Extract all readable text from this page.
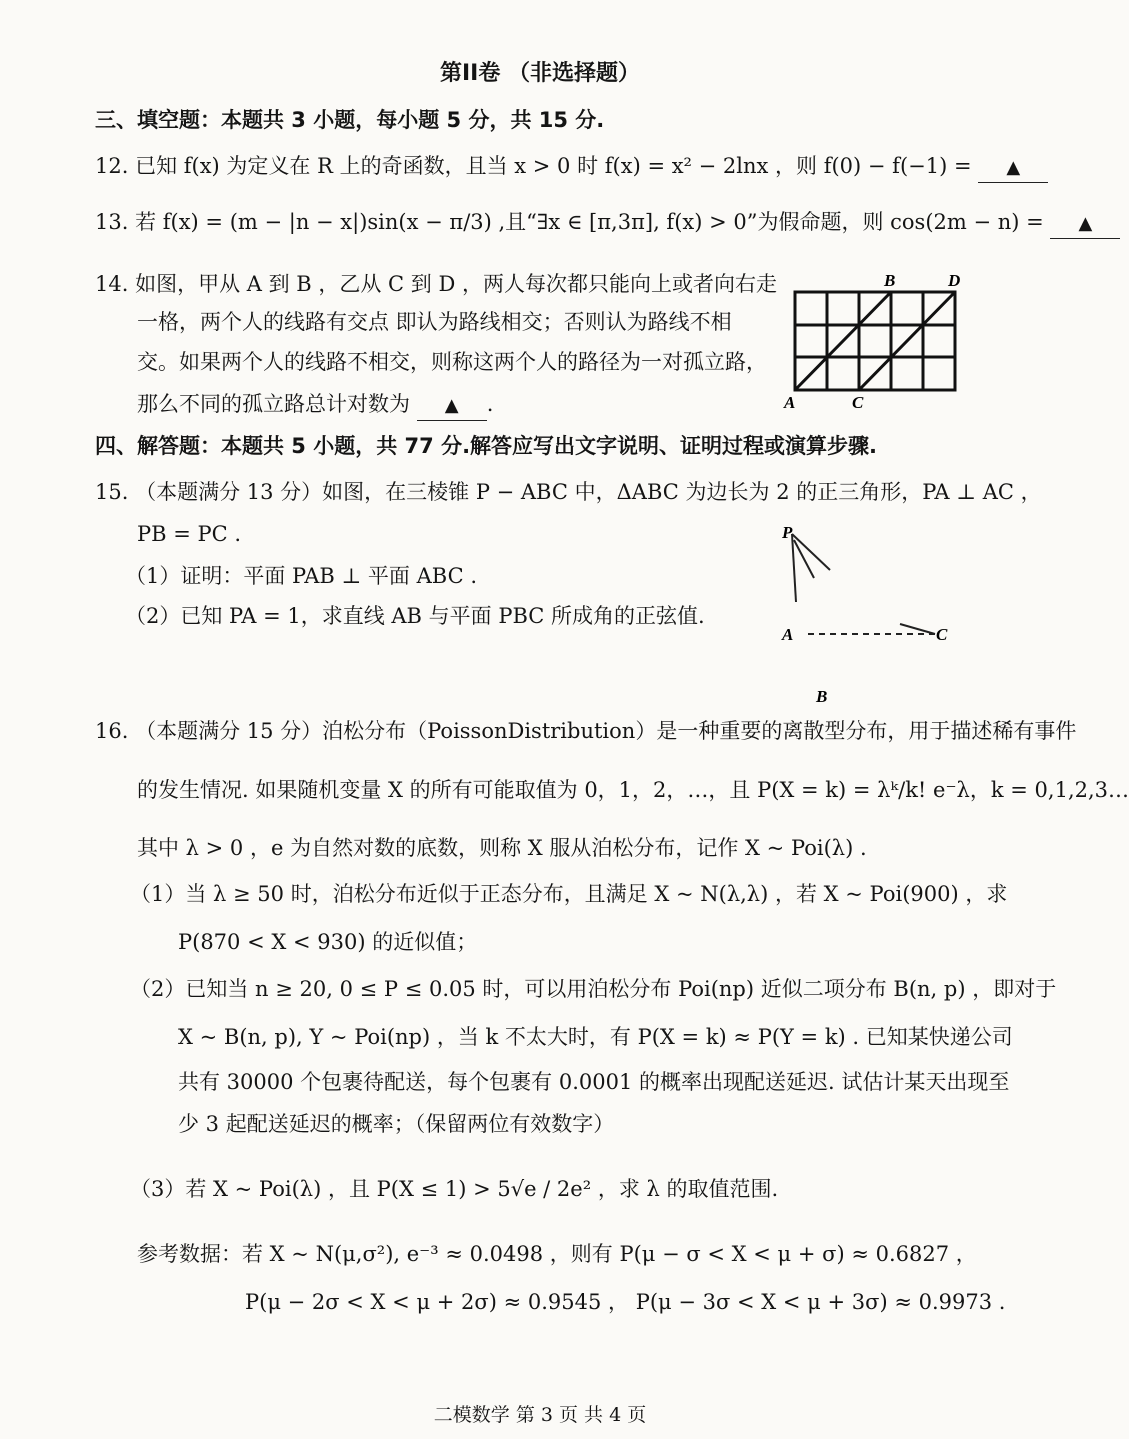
第II卷 （非选择题）
三、填空题：本题共 3 小题，每小题 5 分，共 15 分.
12. 已知 f(x) 为定义在 R 上的奇函数，且当 x > 0 时 f(x) = x² − 2lnx ，则 f(0) − f(−1) = ▲
13. 若 f(x) = (m − |n − x|)sin(x − π/3) ,且“∃x ∈ [π,3π], f(x) > 0”为假命题，则 cos(2m − n) = ▲
14. 如图，甲从 A 到 B ，乙从 C 到 D ，两人每次都只能向上或者向右走
一格，两个人的线路有交点 即认为路线相交；否则认为路线不相
交。如果两个人的线路不相交，则称这两个人的路径为一对孤立路，
那么不同的孤立路总计对数为 ▲ .	A
B
C
D
四、解答题：本题共 5 小题，共 77 分.解答应写出文字说明、证明过程或演算步骤.
15. （本题满分 13 分）如图，在三棱锥 P − ABC 中，ΔABC 为边长为 2 的正三角形，PA ⊥ AC ，
PB = PC .
（1）证明：平面 PAB ⊥ 平面 ABC .
（2）已知 PA = 1，求直线 AB 与平面 PBC 所成角的正弦值.
P
A	C
B
16. （本题满分 15 分）泊松分布（PoissonDistribution）是一种重要的离散型分布，用于描述稀有事件
的发生情况. 如果随机变量 X 的所有可能取值为 0，1，2，…，且 P(X = k) = λᵏ/k! e⁻λ，k = 0,1,2,3…
其中 λ > 0 ，e 为自然对数的底数，则称 X 服从泊松分布，记作 X ~ Poi(λ) .
（1）当 λ ≥ 50 时，泊松分布近似于正态分布，且满足 X ~ N(λ,λ) ，若 X ~ Poi(900) ，求
P(870 < X < 930) 的近似值；
（2）已知当 n ≥ 20, 0 ≤ P ≤ 0.05 时，可以用泊松分布 Poi(np) 近似二项分布 B(n, p) ，即对于
X ~ B(n, p), Y ~ Poi(np) ，当 k 不太大时，有 P(X = k) ≈ P(Y = k) . 已知某快递公司
共有 30000 个包裹待配送，每个包裹有 0.0001 的概率出现配送延迟. 试估计某天出现至
少 3 起配送延迟的概率；（保留两位有效数字）
（3）若 X ~ Poi(λ) ，且 P(X ≤ 1) > 5√e / 2e² ，求 λ 的取值范围.
参考数据：若 X ~ N(μ,σ²), e⁻³ ≈ 0.0498 ，则有 P(μ − σ < X < μ + σ) ≈ 0.6827 ，
P(μ − 2σ < X < μ + 2σ) ≈ 0.9545 ， P(μ − 3σ < X < μ + 3σ) ≈ 0.9973 .
二模数学 第 3 页 共 4 页
